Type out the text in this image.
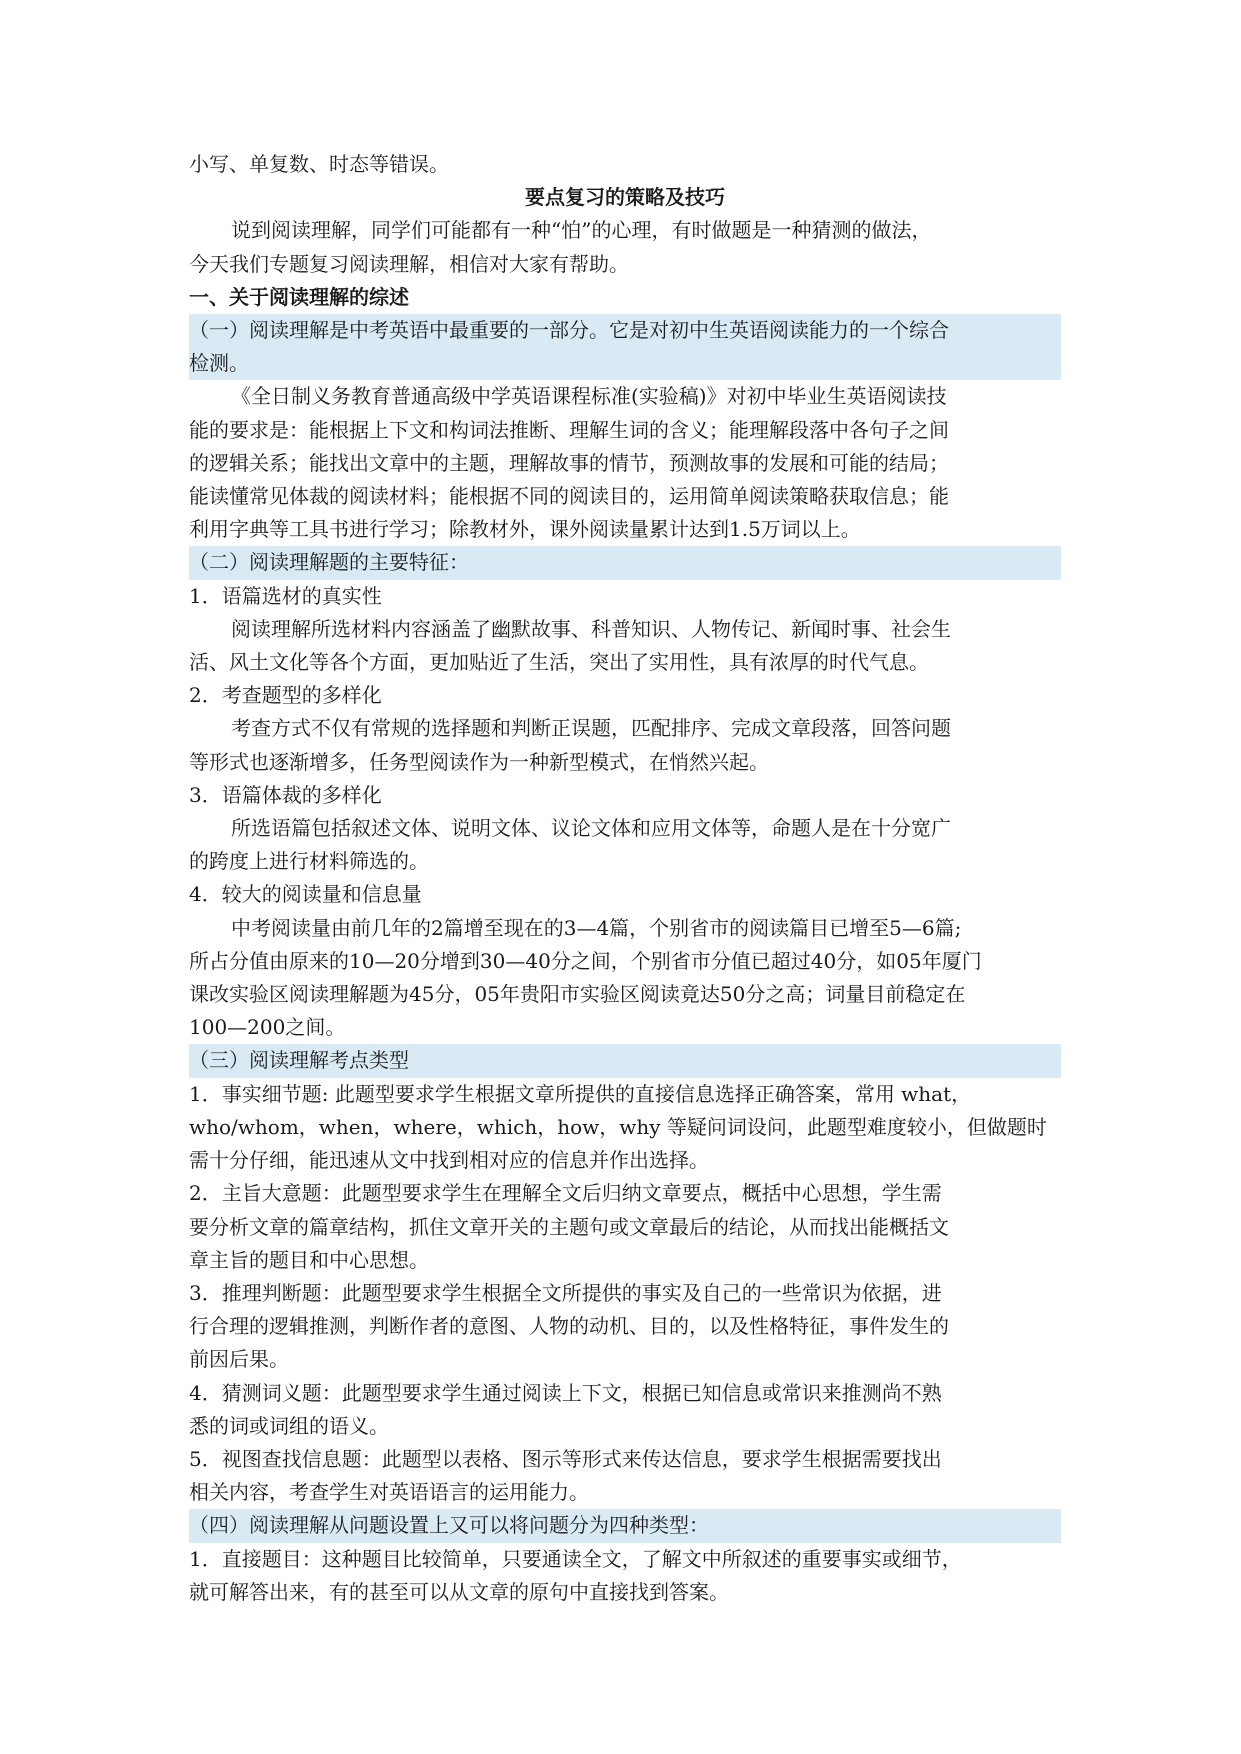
小写、单复数、时态等错误。
要点复习的策略及技巧
说到阅读理解，同学们可能都有一种“怕”的心理，有时做题是一种猜测的做法，
今天我们专题复习阅读理解，相信对大家有帮助。
一、关于阅读理解的综述
（一）阅读理解是中考英语中最重要的一部分。它是对初中生英语阅读能力的一个综合
检测。
《全日制义务教育普通高级中学英语课程标准(实验稿)》对初中毕业生英语阅读技
能的要求是：能根据上下文和构词法推断、理解生词的含义；能理解段落中各句子之间
的逻辑关系；能找出文章中的主题，理解故事的情节，预测故事的发展和可能的结局；
能读懂常见体裁的阅读材料；能根据不同的阅读目的，运用简单阅读策略获取信息；能
利用字典等工具书进行学习；除教材外，课外阅读量累计达到1.5万词以上。
（二）阅读理解题的主要特征：
1．语篇选材的真实性
阅读理解所选材料内容涵盖了幽默故事、科普知识、人物传记、新闻时事、社会生
活、风土文化等各个方面，更加贴近了生活，突出了实用性，具有浓厚的时代气息。
2．考查题型的多样化
考查方式不仅有常规的选择题和判断正误题，匹配排序、完成文章段落，回答问题
等形式也逐渐增多，任务型阅读作为一种新型模式，在悄然兴起。
3．语篇体裁的多样化
所选语篇包括叙述文体、说明文体、议论文体和应用文体等，命题人是在十分宽广
的跨度上进行材料筛选的。
4．较大的阅读量和信息量
中考阅读量由前几年的2篇增至现在的3—4篇，个别省市的阅读篇目已增至5—6篇;
所占分值由原来的10—20分增到30—40分之间，个别省市分值已超过40分，如05年厦门
课改实验区阅读理解题为45分，05年贵阳市实验区阅读竟达50分之高；词量目前稳定在
100—200之间。
（三）阅读理解考点类型
1．事实细节题: 此题型要求学生根据文章所提供的直接信息选择正确答案，常用 what，
who/whom，when，where，which，how，why 等疑问词设问，此题型难度较小，但做题时
需十分仔细，能迅速从文中找到相对应的信息并作出选择。
2．主旨大意题：此题型要求学生在理解全文后归纳文章要点，概括中心思想，学生需
要分析文章的篇章结构，抓住文章开关的主题句或文章最后的结论，从而找出能概括文
章主旨的题目和中心思想。
3．推理判断题：此题型要求学生根据全文所提供的事实及自己的一些常识为依据，进
行合理的逻辑推测，判断作者的意图、人物的动机、目的，以及性格特征，事件发生的
前因后果。
4．猜测词义题：此题型要求学生通过阅读上下文，根据已知信息或常识来推测尚不熟
悉的词或词组的语义。
5．视图查找信息题：此题型以表格、图示等形式来传达信息，要求学生根据需要找出
相关内容，考查学生对英语语言的运用能力。
（四）阅读理解从问题设置上又可以将问题分为四种类型：
1．直接题目：这种题目比较简单，只要通读全文，了解文中所叙述的重要事实或细节，
就可解答出来，有的甚至可以从文章的原句中直接找到答案。
